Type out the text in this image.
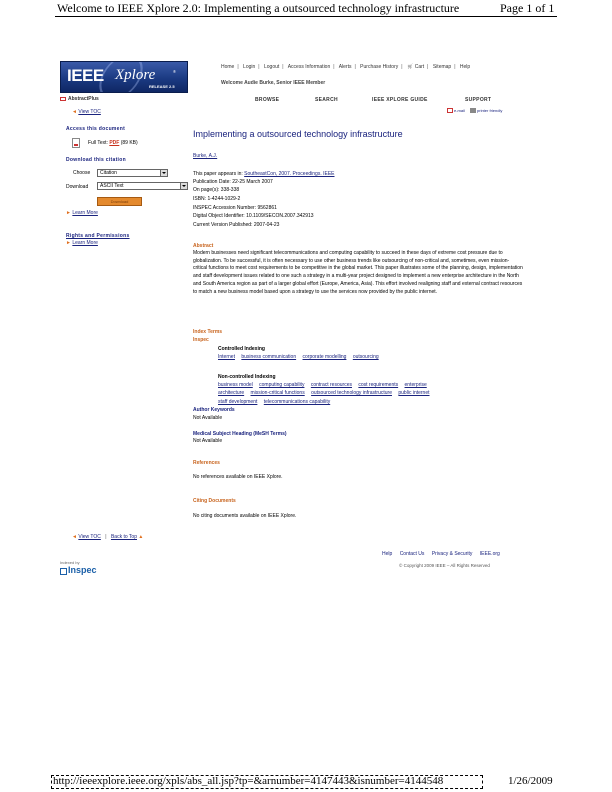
Welcome to IEEE Xplore 2.0: Implementing a outsourced technology infrastructure	Page 1 of 1
IEEE Xplore	®
RELEASE 2.5
Home | Login | Logout | Access Information | Alerts | Purchase History | 🛒︎ Cart | Sitemap | Help
Welcome Audie Burke, Senior IEEE Member
BROWSE	SEARCH	IEEE XPLORE GUIDE	SUPPORT
e-mail	printer friendly
AbstractPlus
◄ View TOC
Access this document
Full Text: PDF (89 KB)
Download this citation
Choose	Citation
Download	ASCII Text
Download
► Learn More
Rights and Permissions
► Learn More
Implementing a outsourced technology infrastructure
Burke, A.J.
This paper appears in: SoutheastCon, 2007. Proceedings. IEEE
Publication Date: 22-25 March 2007
On page(s): 338-338
ISBN: 1-4244-1029-2
INSPEC Accession Number: 9562861
Digital Object Identifier: 10.1109/SECON.2007.342913
Current Version Published: 2007-04-23
Abstract
Modern businesses need significant telecommunications and computing capability to succeed in these days of extreme cost pressure due to globalization. To be successful, it is often necessary to use other business trends like outsourcing of non-critical and, sometimes, even mission-critical functions to meet cost requirements to be competitive in the global market. This paper illustrates some of the planning, design, implementation and staff development issues related to one such a strategy in a multi-year project designed to implement a new enterprise architecture in the North and South America region as part of a larger global effort (Europe, America, Asia). This effort involved realigning staff and external contract resources to match a new business model based upon a strategy to use the services now provided by the public internet.
Index Terms
Inspec
Controlled Indexing
Internet business communication corporate modelling outsourcing
Non-controlled Indexing
business model computing capability contract resources cost requirements enterprise
architecture mission-critical functions outsourced technology infrastructure public internet
staff development telecommunications capability
Author Keywords
Not Available
Medical Subject Heading (MeSH Terms)
Not Available
References
No references available on IEEE Xplore.
Citing Documents
No citing documents available on IEEE Xplore.
◄ View TOC | Back to Top ▲
Help Contact Us Privacy & Security IEEE.org
© Copyright 2009 IEEE – All Rights Reserved
Indexed by
Inspec
http://ieeexplore.ieee.org/xpls/abs_all.jsp?tp=&arnumber=4147443&isnumber=4144548	1/26/2009
